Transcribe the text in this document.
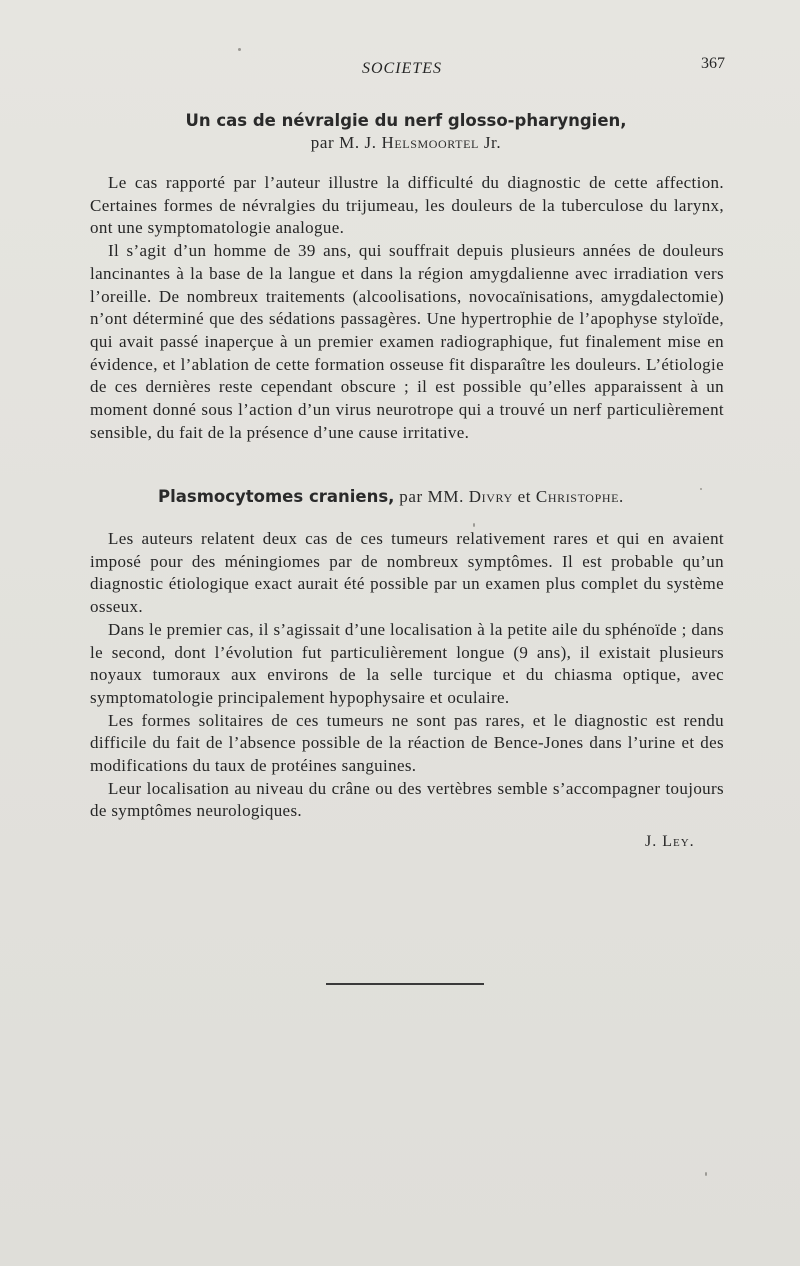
SOCIETES	367
Un cas de névralgie du nerf glosso-pharyngien,
par M. J. Helsmoortel Jr.

Le cas rapporté par l’auteur illustre la difficulté du diagnostic de cette affection. Certaines formes de névralgies du trijumeau, les douleurs de la tuberculose du larynx, ont une symptomatologie analogue.

Il s’agit d’un homme de 39 ans, qui souffrait depuis plusieurs années de douleurs lancinantes à la base de la langue et dans la région amygdalienne avec irradiation vers l’oreille. De nombreux traitements (alcoolisations, novocaïnisations, amygdalectomie) n’ont déterminé que des sédations passagères. Une hypertrophie de l’apophyse styloïde, qui avait passé inaperçue à un premier examen radiographique, fut finalement mise en évidence, et l’ablation de cette formation osseuse fit disparaître les douleurs. L’étiologie de ces dernières reste cependant obscure ; il est possible qu’elles apparaissent à un moment donné sous l’action d’un virus neurotrope qui a trouvé un nerf particulièrement sensible, du fait de la présence d’une cause irritative.

Plasmocytomes craniens, par MM. Divry et Christophe.

Les auteurs relatent deux cas de ces tumeurs relativement rares et qui en avaient imposé pour des méningiomes par de nombreux symptômes. Il est probable qu’un diagnostic étiologique exact aurait été possible par un examen plus complet du système osseux.

Dans le premier cas, il s’agissait d’une localisation à la petite aile du sphénoïde ; dans le second, dont l’évolution fut particulièrement longue (9 ans), il existait plusieurs noyaux tumoraux aux environs de la selle turcique et du chiasma optique, avec symptomatologie principalement hypophysaire et oculaire.

Les formes solitaires de ces tumeurs ne sont pas rares, et le diagnostic est rendu difficile du fait de l’absence possible de la réaction de Bence-Jones dans l’urine et des modifications du taux de protéines sanguines.

Leur localisation au niveau du crâne ou des vertèbres semble s’accompagner toujours de symptômes neurologiques.

J. Ley.
